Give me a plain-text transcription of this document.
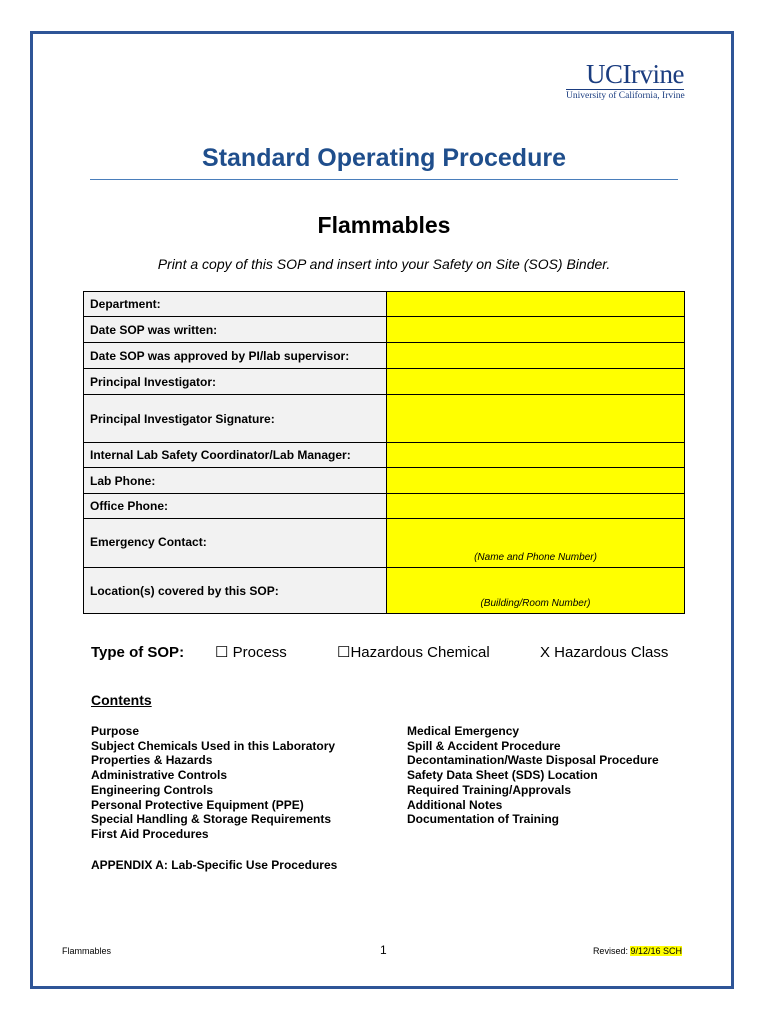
UCIrvine
University of California, Irvine
Standard Operating Procedure
Flammables
Print a copy of this SOP and insert into your Safety on Site (SOS) Binder.
Department:	
Date SOP was written:	
Date SOP was approved by PI/lab supervisor:	
Principal Investigator:	
Principal Investigator Signature:	
Internal Lab Safety Coordinator/Lab Manager:	
Lab Phone:	
Office Phone:	
Emergency Contact:	(Name and Phone Number)

Location(s) covered by this SOP:	(Building/Room Number)
Type of SOP: ☐ Process	☐Hazardous Chemical	X Hazardous Class
Contents
Purpose
Subject Chemicals Used in this Laboratory
Properties & Hazards
Administrative Controls
Engineering Controls
Personal Protective Equipment (PPE)
Special Handling & Storage Requirements
First Aid Procedures
Medical Emergency
Spill & Accident Procedure
Decontamination/Waste Disposal Procedure
Safety Data Sheet (SDS) Location
Required Training/Approvals
Additional Notes
Documentation of Training
APPENDIX A: Lab-Specific Use Procedures
Flammables	1	Revised: 9/12/16 SCH
